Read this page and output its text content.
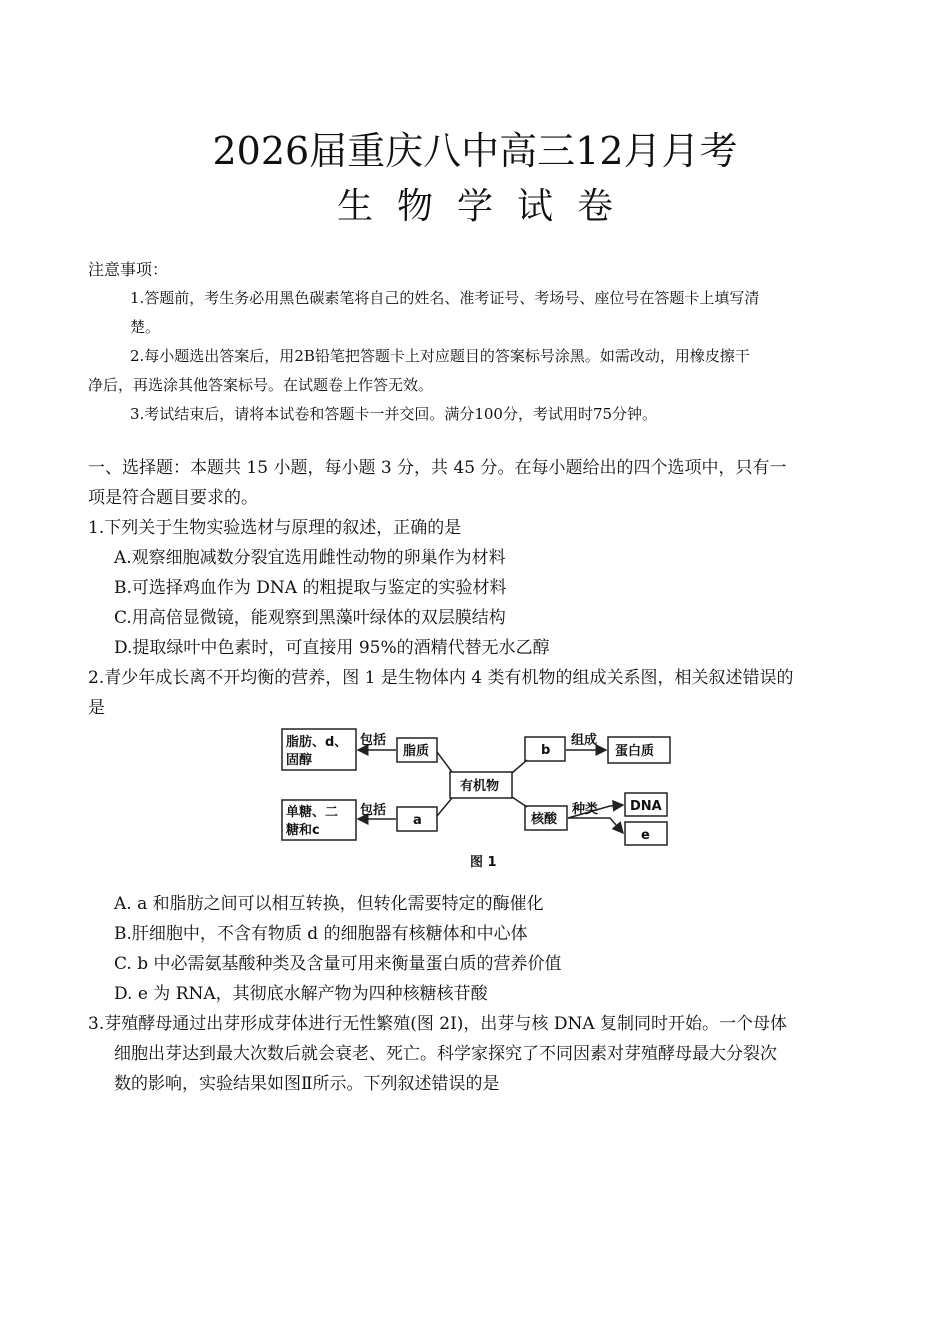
2026届重庆八中高三12月月考
生物学试卷
注意事项：
1.答题前，考生务必用黑色碳素笔将自己的姓名、准考证号、考场号、座位号在答题卡上填写清
楚。
2.每小题选出答案后，用2B铅笔把答题卡上对应题目的答案标号涂黑。如需改动，用橡皮擦干
净后，再选涂其他答案标号。在试题卷上作答无效。
3.考试结束后，请将本试卷和答题卡一并交回。满分100分，考试用时75分钟。

一、选择题：本题共 15 小题，每小题 3 分，共 45 分。在每小题给出的四个选项中，只有一

项是符合题目要求的。

1.下列关于生物实验选材与原理的叙述，正确的是

A.观察细胞减数分裂宜选用雌性动物的卵巢作为材料

B.可选择鸡血作为 DNA 的粗提取与鉴定的实验材料

C.用高倍显微镜，能观察到黑藻叶绿体的双层膜结构

D.提取绿叶中色素时，可直接用 95%的酒精代替无水乙醇

2.青少年成长离不开均衡的营养，图 1 是生物体内 4 类有机物的组成关系图，相关叙述错误的

是

A. a 和脂肪之间可以相互转换，但转化需要特定的酶催化

B.肝细胞中，不含有物质 d 的细胞器有核糖体和中心体

C. b 中必需氨基酸种类及含量可用来衡量蛋白质的营养价值

D. e 为 RNA，其彻底水解产物为四种核糖核苷酸

3.芽殖酵母通过出芽形成芽体进行无性繁殖(图 2I)，出芽与核 DNA 复制同时开始。一个母体

细胞出芽达到最大次数后就会衰老、死亡。科学家探究了不同因素对芽殖酵母最大分裂次

数的影响，实验结果如图Ⅱ所示。下列叙述错误的是

脂肪、d、
固醇
包括
脂质	b
组成
蛋白质
有机物
单糖、二
糖和c
包括
a	核酸
种类 DNA
e
图 1
